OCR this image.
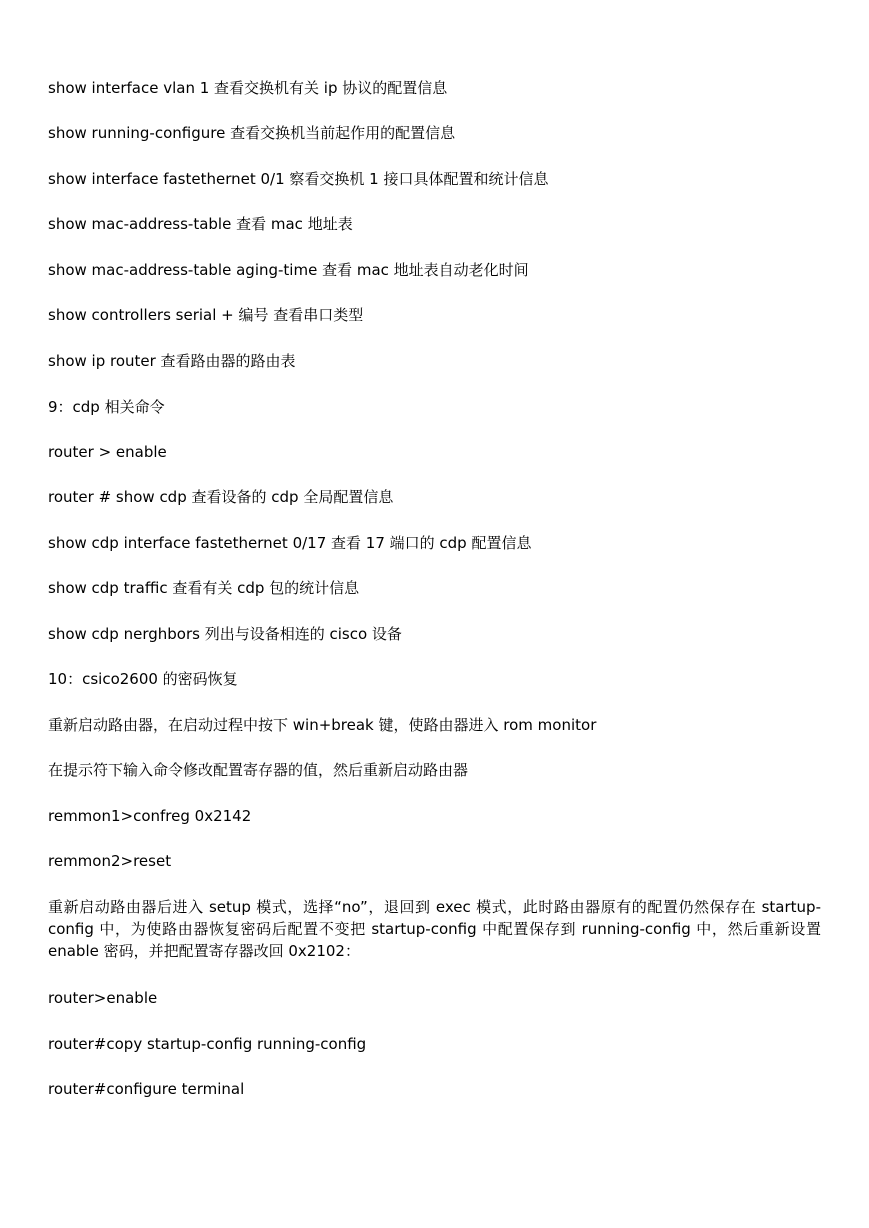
show interface vlan 1 查看交换机有关 ip 协议的配置信息
show running-configure 查看交换机当前起作用的配置信息
show interface fastethernet 0/1 察看交换机 1 接口具体配置和统计信息
show mac-address-table 查看 mac 地址表
show mac-address-table aging-time 查看 mac 地址表自动老化时间
show controllers serial + 编号 查看串口类型
show ip router 查看路由器的路由表
9：cdp 相关命令
router > enable
router # show cdp 查看设备的 cdp 全局配置信息
show cdp interface fastethernet 0/17 查看 17 端口的 cdp 配置信息
show cdp traffic 查看有关 cdp 包的统计信息
show cdp nerghbors 列出与设备相连的 cisco 设备
10：csico2600 的密码恢复
重新启动路由器，在启动过程中按下 win+break 键，使路由器进入 rom monitor
在提示符下输入命令修改配置寄存器的值，然后重新启动路由器
remmon1>confreg 0x2142
remmon2>reset
重新启动路由器后进入 setup 模式，选择“no”，退回到 exec 模式，此时路由器原有的配置仍然保存在 startup-config 中，为使路由器恢复密码后配置不变把 startup-config 中配置保存到 running-config 中，然后重新设置 enable 密码，并把配置寄存器改回 0x2102：
router>enable
router#copy startup-config running-config
router#configure terminal
